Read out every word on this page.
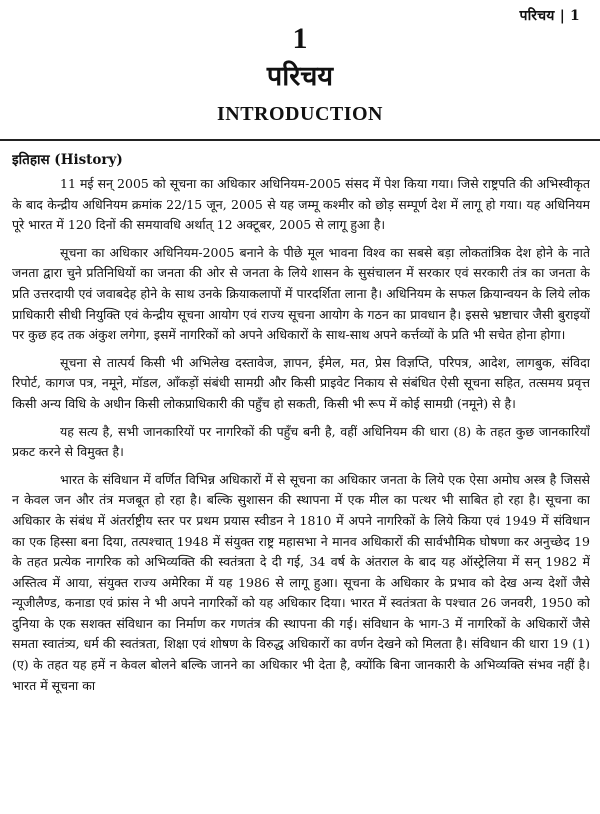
परिचय | 1
1
परिचय
INTRODUCTION
इतिहास (History)

11 मई सन् 2005 को सूचना का अधिकार अधिनियम-2005 संसद में पेश किया गया। जिसे राष्ट्रपति की अभिस्वीकृत के बाद केन्द्रीय अधिनियम क्रमांक 22/15 जून, 2005 से यह जम्मू कश्मीर को छोड़ सम्पूर्ण देश में लागू हो गया। यह अधिनियम पूरे भारत में 120 दिनों की समयावधि अर्थात् 12 अक्टूबर, 2005 से लागू हुआ है।

सूचना का अधिकार अधिनियम-2005 बनाने के पीछे मूल भावना विश्व का सबसे बड़ा लोकतांत्रिक देश होने के नाते जनता द्वारा चुने प्रतिनिधियों का जनता की ओर से जनता के लिये शासन के सुसंचालन में सरकार एवं सरकारी तंत्र का जनता के प्रति उत्तरदायी एवं जवाबदेह होने के साथ उनके क्रियाकलापों में पारदर्शिता लाना है। अधिनियम के सफल क्रियान्वयन के लिये लोक प्राधिकारी सीधी नियुक्ति एवं केन्द्रीय सूचना आयोग एवं राज्य सूचना आयोग के गठन का प्रावधान है। इससे भ्रष्टाचार जैसी बुराइयों पर कुछ हद तक अंकुश लगेगा, इसमें नागरिकों को अपने अधिकारों के साथ-साथ अपने कर्त्तव्यों के प्रति भी सचेत होना होगा।

सूचना से तात्पर्य किसी भी अभिलेख दस्तावेज, ज्ञापन, ईमेल, मत, प्रेस विज्ञप्ति, परिपत्र, आदेश, लागबुक, संविदा रिपोर्ट, कागज पत्र, नमूने, मॉडल, आँकड़ों संबंधी सामग्री और किसी प्राइवेट निकाय से संबंधित ऐसी सूचना सहित, तत्समय प्रवृत्त किसी अन्य विधि के अधीन किसी लोकप्राधिकारी की पहुँच हो सकती, किसी भी रूप में कोई सामग्री (नमूने) से है।

यह सत्य है, सभी जानकारियों पर नागरिकों की पहुँच बनी है, वहीं अधिनियम की धारा (8) के तहत कुछ जानकारियाँ प्रकट करने से विमुक्त है।

भारत के संविधान में वर्णित विभिन्न अधिकारों में से सूचना का अधिकार जनता के लिये एक ऐसा अमोघ अस्त्र है जिससे न केवल जन और तंत्र मजबूत हो रहा है। बल्कि सुशासन की स्थापना में एक मील का पत्थर भी साबित हो रहा है। सूचना का अधिकार के संबंध में अंतर्राष्ट्रीय स्तर पर प्रथम प्रयास स्वीडन ने 1810 में अपने नागरिकों के लिये किया एवं 1949 में संविधान का एक हिस्सा बना दिया, तत्पश्चात् 1948 में संयुक्त राष्ट्र महासभा ने मानव अधिकारों की सार्वभौमिक घोषणा कर अनुच्छेद 19 के तहत प्रत्येक नागरिक को अभिव्यक्ति की स्वतंत्रता दे दी गई, 34 वर्ष के अंतराल के बाद यह ऑस्ट्रेलिया में सन् 1982 में अस्तित्व में आया, संयुक्त राज्य अमेरिका में यह 1986 से लागू हुआ। सूचना के अधिकार के प्रभाव को देख अन्य देशों जैसे न्यूजीलैण्ड, कनाडा एवं फ्रांस ने भी अपने नागरिकों को यह अधिकार दिया। भारत में स्वतंत्रता के पश्चात 26 जनवरी, 1950 को दुनिया के एक सशक्त संविधान का निर्माण कर गणतंत्र की स्थापना की गई। संविधान के भाग-3 में नागरिकों के अधिकारों जैसे समता स्वातंत्र्य, धर्म की स्वतंत्रता, शिक्षा एवं शोषण के विरुद्ध अधिकारों का वर्णन देखने को मिलता है। संविधान की धारा 19 (1) (ए) के तहत यह हमें न केवल बोलने बल्कि जानने का अधिकार भी देता है, क्योंकि बिना जानकारी के अभिव्यक्ति संभव नहीं है। भारत में सूचना का
